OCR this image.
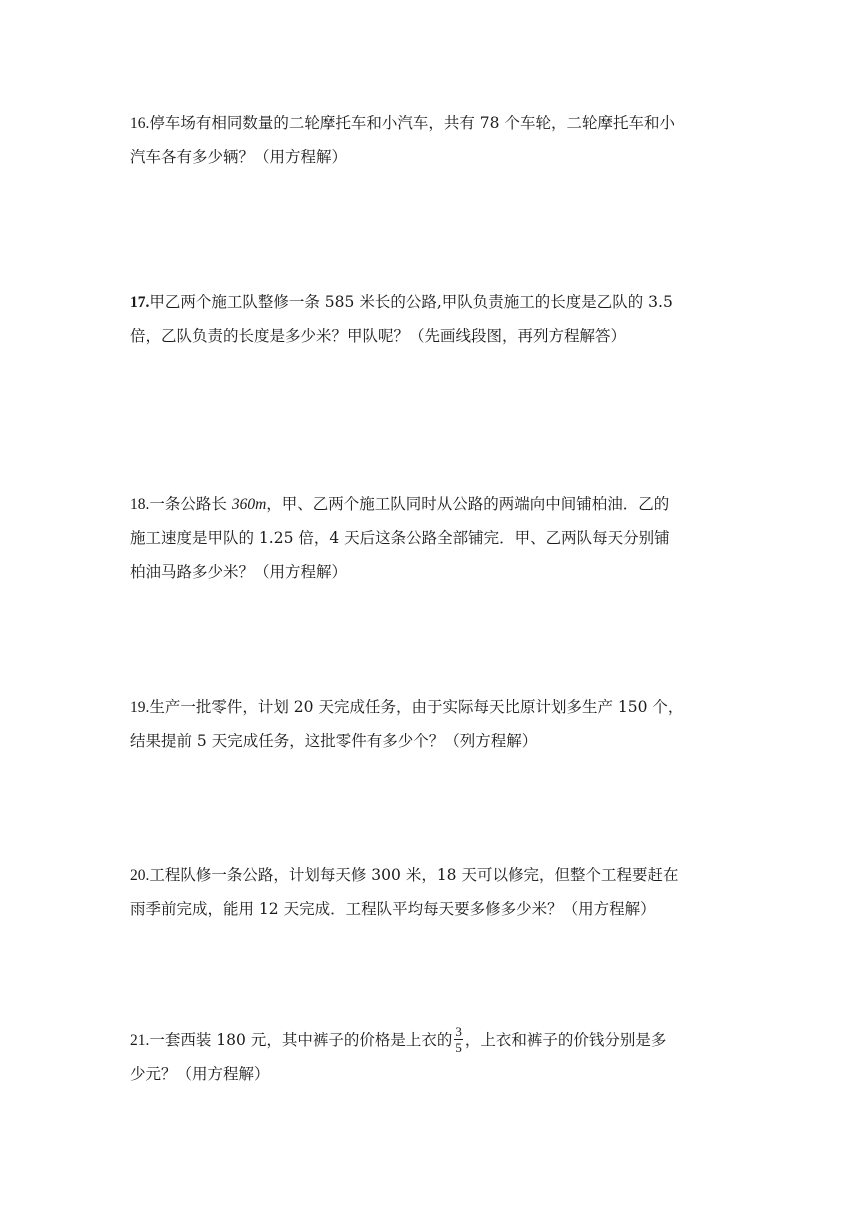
16.停车场有相同数量的二轮摩托车和小汽车，共有 78 个车轮，二轮摩托车和小
汽车各有多少辆？（用方程解）
17.甲乙两个施工队整修一条 585 米长的公路,甲队负责施工的长度是乙队的 3.5
倍，乙队负责的长度是多少米？甲队呢？（先画线段图，再列方程解答）
18.一条公路长 360m，甲、乙两个施工队同时从公路的两端向中间铺柏油．乙的
施工速度是甲队的 1.25 倍，4 天后这条公路全部铺完．甲、乙两队每天分别铺
柏油马路多少米？（用方程解）
19.生产一批零件，计划 20 天完成任务，由于实际每天比原计划多生产 150 个，
结果提前 5 天完成任务，这批零件有多少个？（列方程解）
20.工程队修一条公路，计划每天修 300 米，18 天可以修完，但整个工程要赶在
雨季前完成，能用 12 天完成．工程队平均每天要多修多少米？（用方程解）
21.一套西装 180 元，其中裤子的价格是上衣的 $\frac{3}{5}$ ，上衣和裤子的价钱分别是多
少元？（用方程解）
